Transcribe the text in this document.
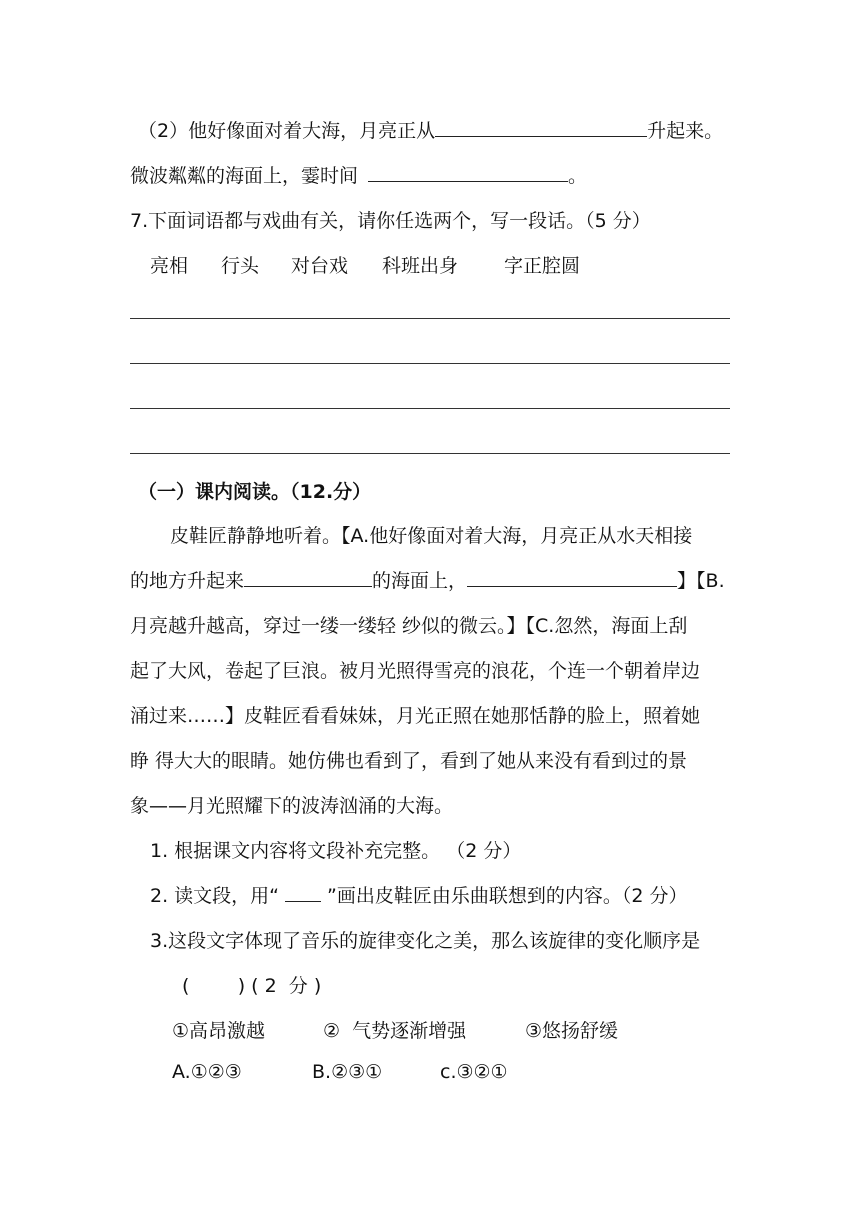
（2）他好像面对着大海，月亮正从	升起来。
微波粼粼的海面上，霎时间	。
7.下面词语都与戏曲有关，请你任选两个，写一段话。（5 分）
亮相 行头 对台戏 科班出身 字正腔圆
（一）课内阅读。（12.分）
皮鞋匠静静地听着。【A.他好像面对着大海，月亮正从水天相接
的地方升起来	的海面上，	】【B.
月亮越升越高，穿过一缕一缕轻 纱似的微云。】【C.忽然，海面上刮
起了大风，卷起了巨浪。被月光照得雪亮的浪花，个连一个朝着岸边
涌过来……】皮鞋匠看看妹妹，月光正照在她那恬静的脸上，照着她
睁 得大大的眼睛。她仿佛也看到了，看到了她从来没有看到过的景
象——月光照耀下的波涛汹涌的大海。
1. 根据课文内容将文段补充完整。 （2 分）
2. 读文段，用“	”画出皮鞋匠由乐曲联想到的内容。（2 分）
3.这段文字体现了音乐的旋律变化之美，那么该旋律的变化顺序是
(        ) ( 2  分 )
①高昂激越	②  气势逐渐增强	③悠扬舒缓
A.①②③	B.②③①	c.③②①
